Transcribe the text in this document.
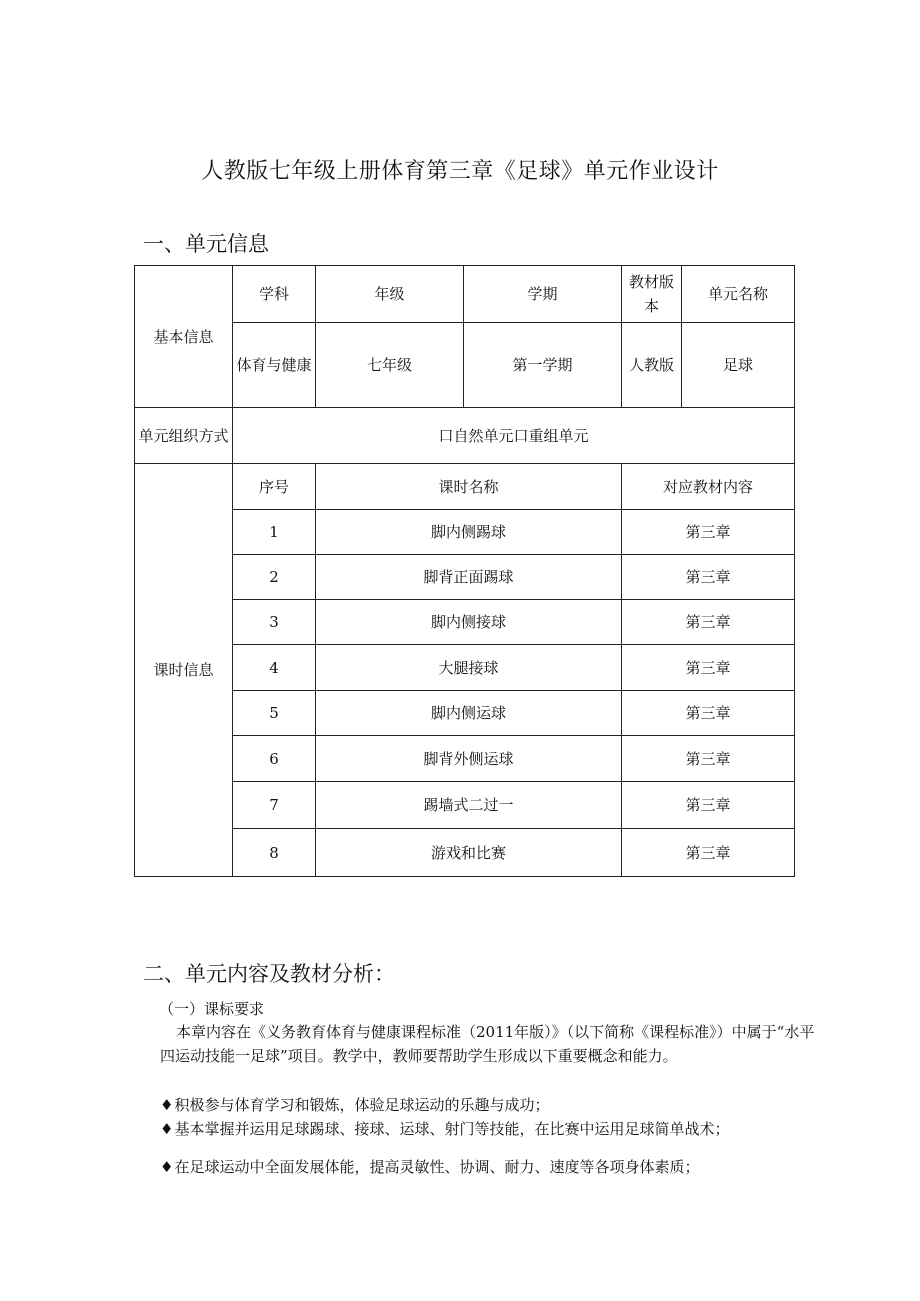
人教版七年级上册体育第三章《足球》单元作业设计
一、单元信息
基本信息	学科	年级	学期	教材版本	单元名称
	体育与健康	七年级	第一学期	人教版	足球
单元组织方式	口自然单元口重组单元				
课时信息	序号	课时名称		对应教材内容	
	1	脚内侧踢球		第三章	
	2	脚背正面踢球		第三章	
	3	脚内侧接球		第三章	
	4	大腿接球		第三章	
	5	脚内侧运球		第三章	
	6	脚背外侧运球		第三章	
	7	踢墙式二过一		第三章	
	8	游戏和比赛		第三章	
二、单元内容及教材分析：
（一）课标要求
本章内容在《义务教育体育与健康课程标准（2011年版）》（以下简称《课程标准》）中属于“水平四运动技能一足球”项目。教学中，教师要帮助学生形成以下重要概念和能力。
♦积极参与体育学习和锻炼，体验足球运动的乐趣与成功；
♦基本掌握并运用足球踢球、接球、运球、射门等技能，在比赛中运用足球简单战术；
♦在足球运动中全面发展体能，提高灵敏性、协调、耐力、速度等各项身体素质；
